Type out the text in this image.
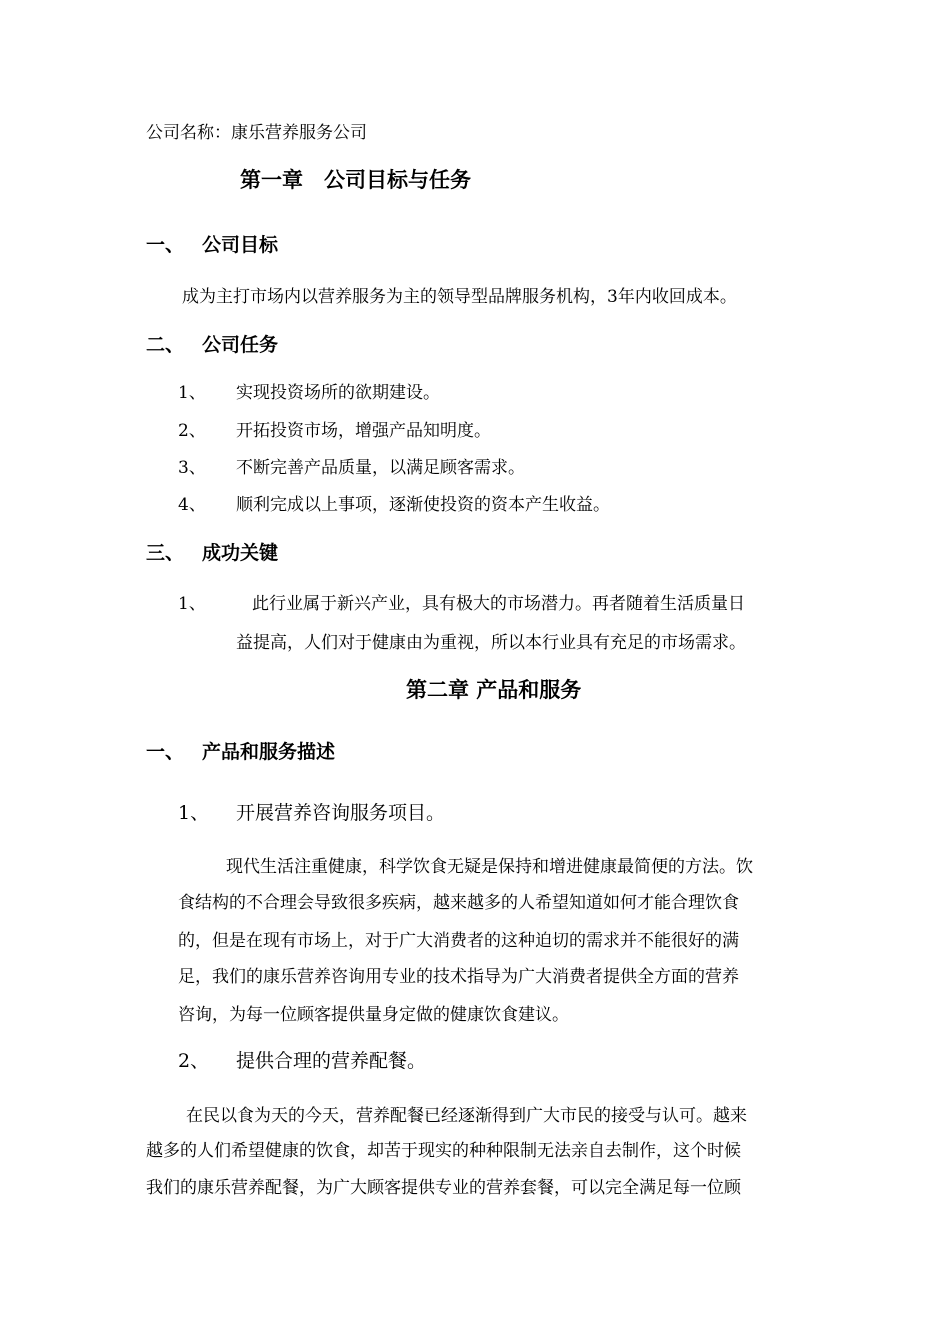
公司名称：康乐营养服务公司
第一章　公司目标与任务
一、 公司目标
成为主打市场内以营养服务为主的领导型品牌服务机构，3年内收回成本。
二、 公司任务
1、 实现投资场所的欲期建设。
2、 开拓投资市场，增强产品知明度。
3、 不断完善产品质量，以满足顾客需求。
4、 顺利完成以上事项，逐渐使投资的资本产生收益。
三、 成功关键
1、	此行业属于新兴产业，具有极大的市场潜力。再者随着生活质量日
益提高，人们对于健康由为重视，所以本行业具有充足的市场需求。
第二章 产品和服务
一、 产品和服务描述
1、 开展营养咨询服务项目。
现代生活注重健康，科学饮食无疑是保持和增进健康最简便的方法。饮
食结构的不合理会导致很多疾病，越来越多的人希望知道如何才能合理饮食
的，但是在现有市场上，对于广大消费者的这种迫切的需求并不能很好的满
足，我们的康乐营养咨询用专业的技术指导为广大消费者提供全方面的营养
咨询，为每一位顾客提供量身定做的健康饮食建议。
2、 提供合理的营养配餐。
在民以食为天的今天，营养配餐已经逐渐得到广大市民的接受与认可。越来
越多的人们希望健康的饮食，却苦于现实的种种限制无法亲自去制作，这个时候
我们的康乐营养配餐，为广大顾客提供专业的营养套餐，可以完全满足每一位顾
